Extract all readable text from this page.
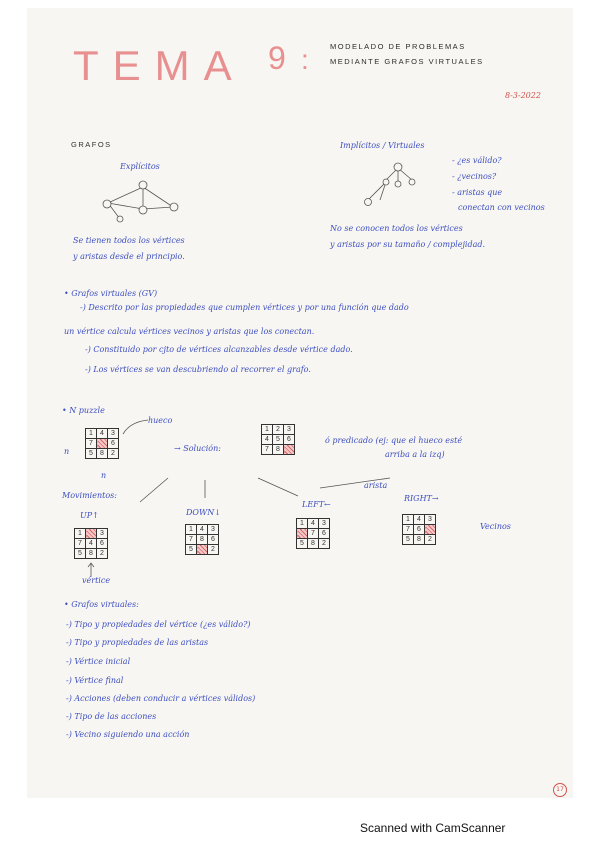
TEMA 9 :	MODELADO DE PROBLEMAS
MEDIANTE GRAFOS VIRTUALES
8-3-2022
GRAFOS
Explícitos
Se tienen todos los vértices
y aristas desde el principio.
Implícitos / Virtuales
- ¿es válido?
- ¿vecinos?
- aristas que
conectan con vecinos
No se conocen todos los vértices
y aristas por su tamaño / complejidad.
• Grafos virtuales (GV)
-) Descrito por las propiedades que cumplen vértices y por una función que dado
un vértice calcula vértices vecinos y aristas que los conectan.
-) Constituido por cjto de vértices alcanzables desde vértice dado.
-) Los vértices se van descubriendo al recorrer el grafo.
• N puzzle
hueco
n
n
1	4	3
7		6
5	8	2
→ Solución:
1	2	3
4	5	6
7	8	
ó predicado (ej: que el hueco esté
arriba a la izq)
Movimientos:
arista
UP↑	DOWN↓
LEFT←
RIGHT→
1		3
7	4	6
5	8	2
1	4	3
7	8	6
5		2
1	4	3
	7	6
5	8	2
1	4	3
7	6	
5	8	2
Vecinos
vértice
• Grafos virtuales:
-) Tipo y propiedades del vértice (¿es válido?)
-) Tipo y propiedades de las aristas
-) Vértice inicial
-) Vértice final
-) Acciones (deben conducir a vértices válidos)
-) Tipo de las acciones
-) Vecino siguiendo una acción
17
Scanned with CamScanner
